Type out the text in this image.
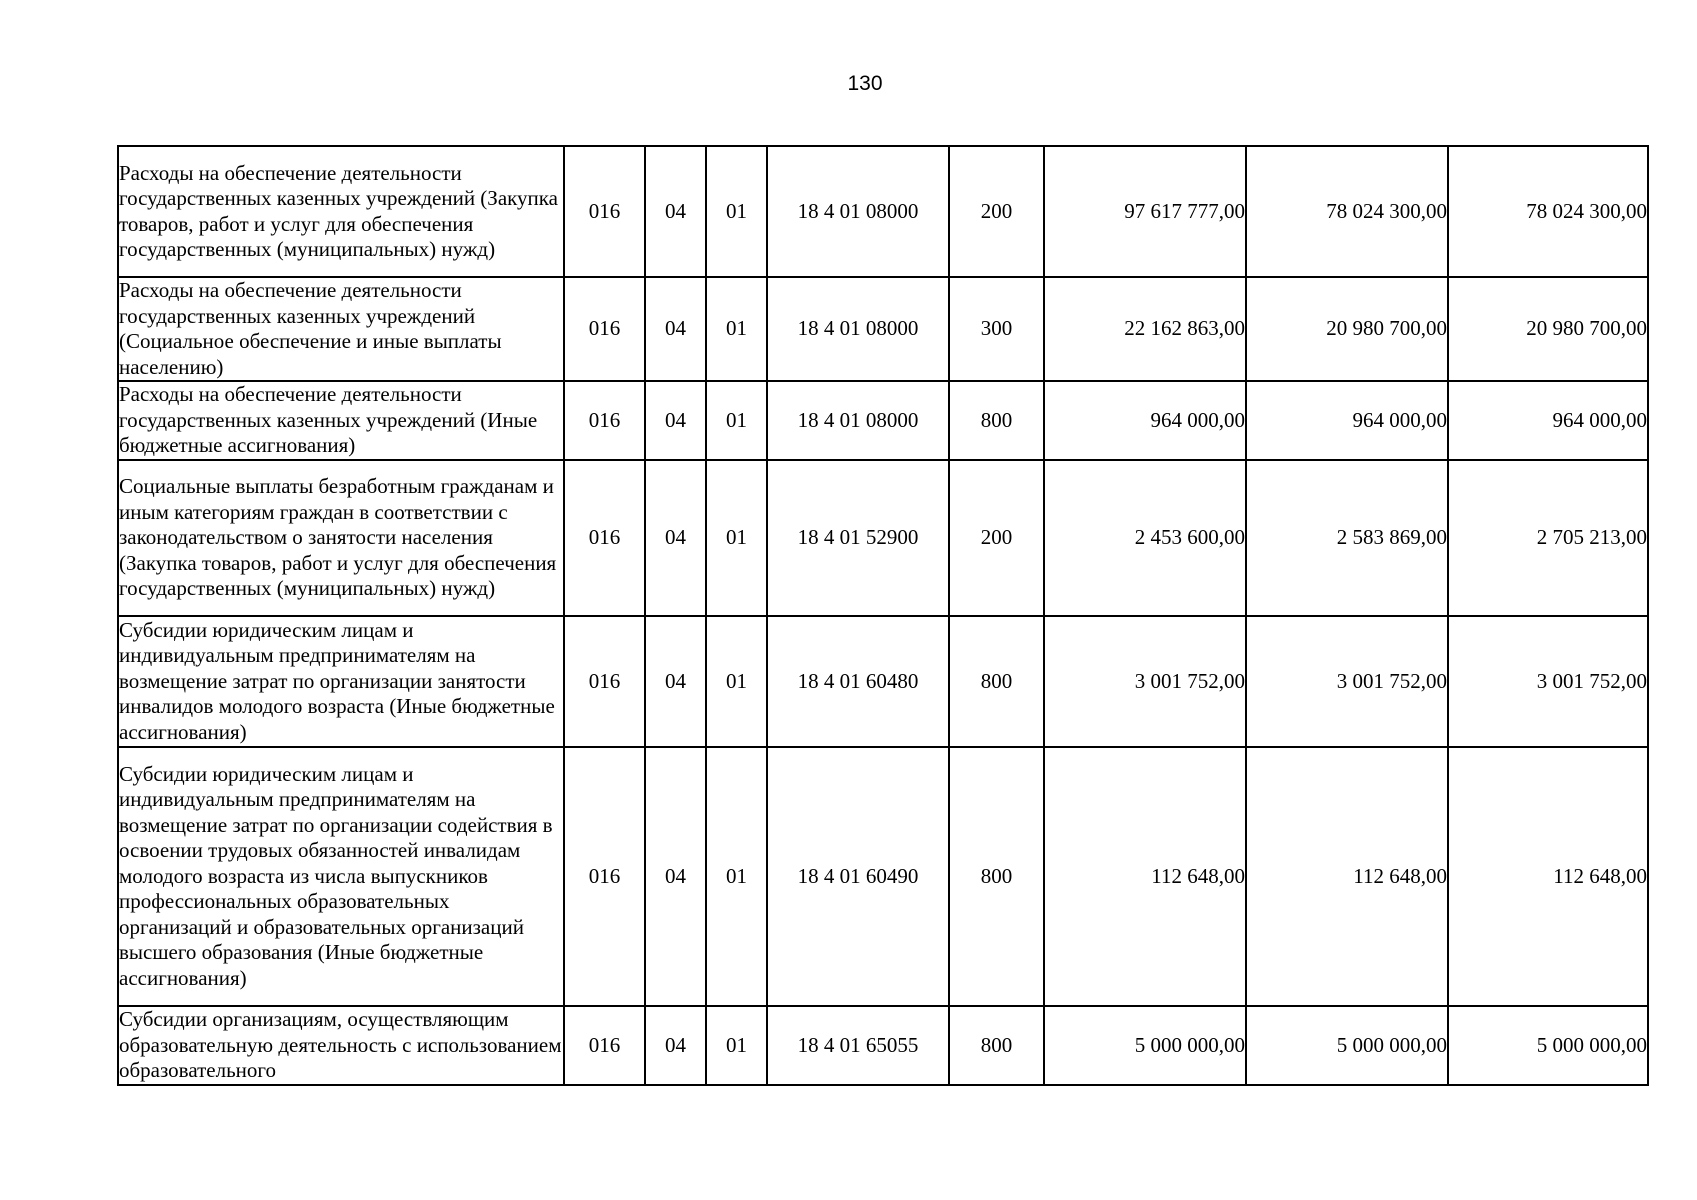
130
Расходы на обеспечение деятельности государственных казенных учреждений (Закупка товаров, работ и услуг для обеспечения государственных (муниципальных) нужд)	016	04	01	18 4 01 08000	200	97 617 777,00	78 024 300,00	78 024 300,00
Расходы на обеспечение деятельности государственных казенных учреждений (Социальное обеспечение и иные выплаты населению)	016	04	01	18 4 01 08000	300	22 162 863,00	20 980 700,00	20 980 700,00
Расходы на обеспечение деятельности государственных казенных учреждений (Иные бюджетные ассигнования)	016	04	01	18 4 01 08000	800	964 000,00	964 000,00	964 000,00
Социальные выплаты безработным гражданам и иным категориям граждан в соответствии с законодательством о занятости населения (Закупка товаров, работ и услуг для обеспечения государственных (муниципальных) нужд)	016	04	01	18 4 01 52900	200	2 453 600,00	2 583 869,00	2 705 213,00
Субсидии юридическим лицам и индивидуальным предпринимателям на возмещение затрат по организации занятости инвалидов молодого возраста (Иные бюджетные ассигнования)	016	04	01	18 4 01 60480	800	3 001 752,00	3 001 752,00	3 001 752,00
Субсидии юридическим лицам и индивидуальным предпринимателям на возмещение затрат по организации содействия в освоении трудовых обязанностей инвалидам молодого возраста из числа выпускников профессиональных образовательных организаций и образовательных организаций высшего образования (Иные бюджетные ассигнования)	016	04	01	18 4 01 60490	800	112 648,00	112 648,00	112 648,00
Субсидии организациям, осуществляющим образовательную деятельность с использованием образовательного	016	04	01	18 4 01 65055	800	5 000 000,00	5 000 000,00	5 000 000,00
